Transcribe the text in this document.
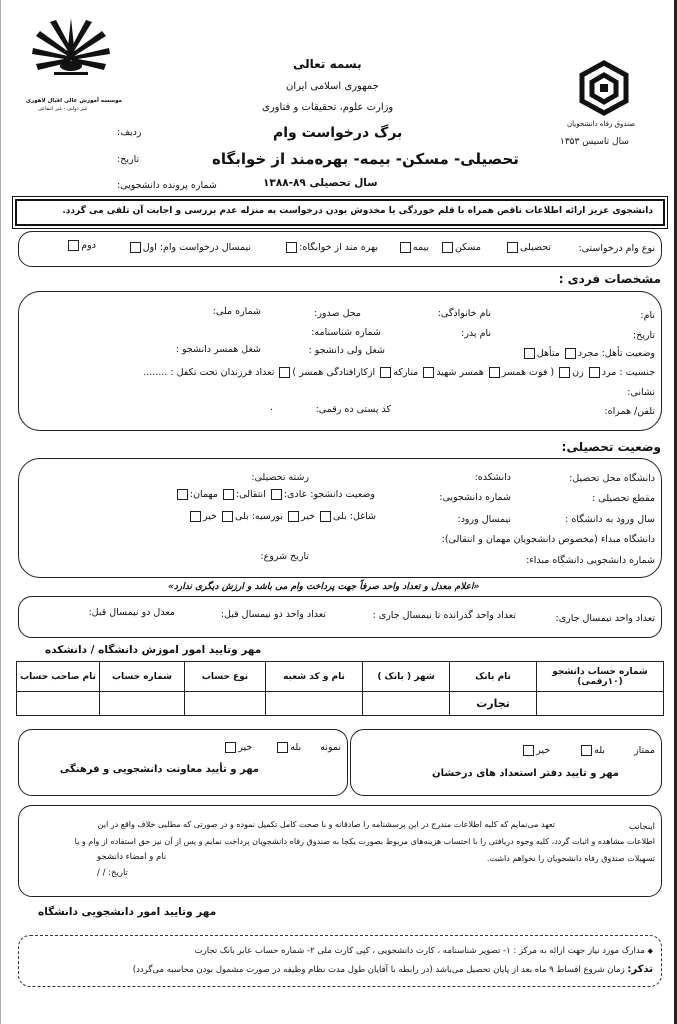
موسسه آموزش عالی اقبال لاهوری
غیر دولتی - غیر انتفاعی
صندوق رفاه دانشجویان
سال تاسیس ۱۳۵۳
بسمه تعالی
جمهوری اسلامی ایران
وزارت علوم، تحقیقات و فناوری
برگ درخواست وام
تحصیلی- مسکن- بیمه- بهره‌مند از خوابگاه
سال تحصیلی ۸۹-۱۳۸۸
ردیف:
تاریخ:
شماره پرونده دانشجویی:
دانشجوی عزیز ارائه اطلاعات ناقص همراه با قلم خوردگی یا مخدوش بودن درخواست به منزله عدم بررسی و اجابت آن تلقی می گردد.
نوع وام درخواستی:
تحصیلی
مسکن
بیمه
بهره مند از خوابگاه:
نیمسال درخواست وام: اول
دوم
مشخصات فردی :
نام:
نام خانوادگی:
محل صدور:
شماره ملی:
تاریخ:
نام پدر:
شماره شناسنامه:
وضعیت تأهل: مجرد متأهل
شغل ولی دانشجو :
شغل همسر دانشجو :
جنسیت : مرد زن ( فوت همسر همسر شهید متارکه ازکارافتادگی همسر ) تعداد فرزندان تحت تکفل : ........
نشانی:
تلفن/ همراه:
کد پستی ده رقمی:
.
وضعیت تحصیلی:
دانشگاه محل تحصیل:
دانشکده:
رشته تحصیلی:
مقطع تحصیلی :
شماره دانشجویی:
وضعیت دانشجو: عادی: انتقالی: مهمان:
سال ورود به دانشگاه :
نیمسال ورود:
شاغل: بلی خیر بورسیه: بلی خیر
دانشگاه مبداء (مخصوص دانشجویان مهمان و انتقالی):
شماره دانشجویی دانشگاه مبداء:
تاریخ شروع:
«اعلام معدل و تعداد واحد صرفاً جهت پرداخت وام می باشد و ارزش دیگری ندارد»
تعداد واحد نیمسال جاری:
تعداد واحد گذرانده تا نیمسال جاری :
تعداد واحد دو نیمسال قبل:
معدل دو نیمسال قبل:
مهر وتایید امور اموزش دانشگاه / دانشکده
شماره حساب دانشجو (۱۰رقمی)	نام بانک	شهر ( بانک )	نام و کد شعبه	نوع حساب	شماره حساب	نام صاحب حساب
	تجارت					
نمونه بله خیر
مهر و تأیید معاونت دانشجویی و فرهنگی
ممتاز بله خیر
مهر و تایید دفتر استعداد های درخشان
اینجانب
تعهد می‌نمایم که کلیه اطلاعات مندرج در این پرسشنامه را صادقانه و با صحت کامل تکمیل نموده و در صورتی که مطلبی خلاف واقع در این
اطلاعات مشاهده و اثبات گردد، کلیه وجوه دریافتی را با احتساب هزینه‌های مربوط بصورت یکجا به صندوق رفاه دانشجویان پرداخت نمایم و پس از آن نیز حق استفاده از وام و یا
تسهیلات صندوق رفاه دانشجویان را نخواهم داشت.
نام و امضاء دانشجو
تاریخ: / /
مهر وتایید امور دانشجویی دانشگاه
◆ مدارک مورد نیاز جهت ارائه به مرکز : ۱- تصویر شناسنامه ، کارت دانشجویی ، کپی کارت ملی ۲- شماره حساب عابر بانک تجارت
تذکر: زمان شروع اقساط ۹ ماه بعد از پایان تحصیل می‌باشد (در رابطه با آقایان طول مدت نظام وظیفه در صورت مشمول بودن محاسبه می‌گردد)
